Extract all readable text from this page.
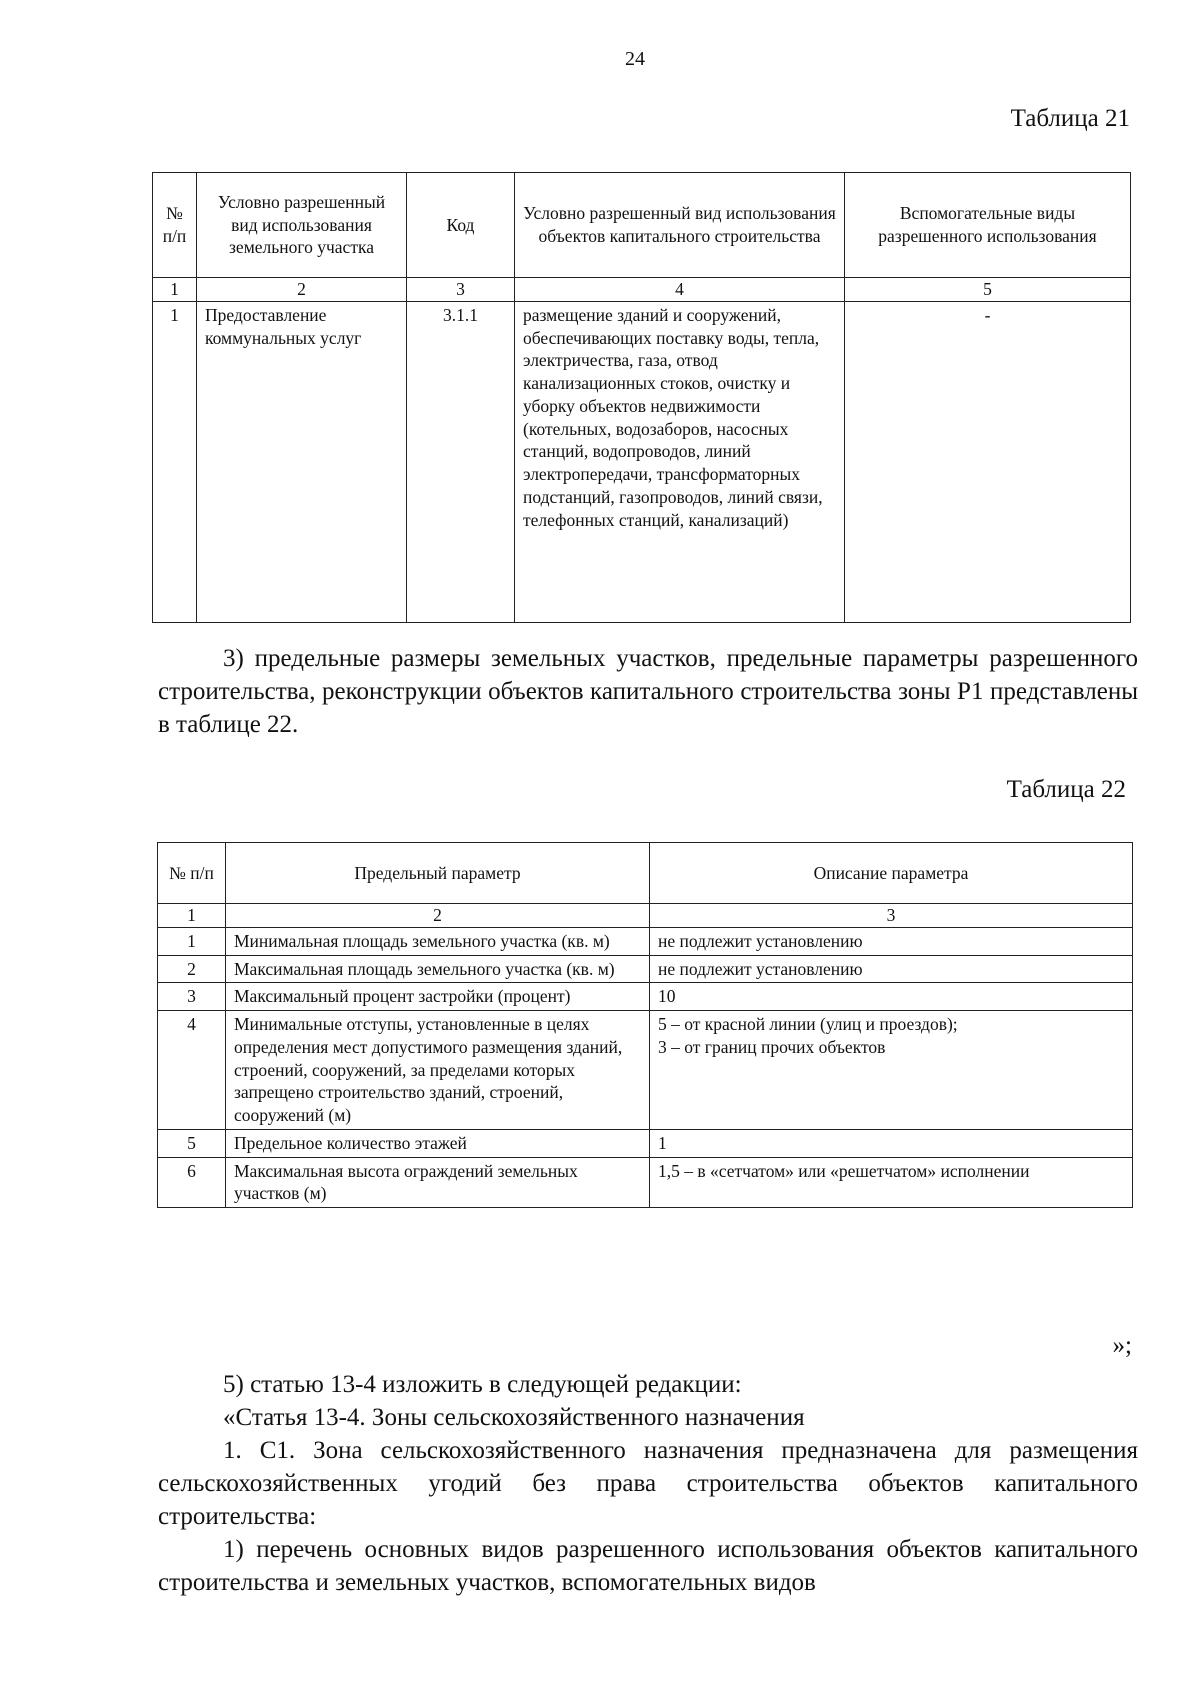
24
Таблица 21
№ п/п	Условно разрешенный вид использования земельного участка	Код	Условно разрешенный вид использования объектов капитального строительства	Вспомогательные виды разрешенного использования
1	2	3	4	5
1	Предоставление коммунальных услуг	3.1.1	размещение зданий и сооружений, обеспечивающих поставку воды, тепла, электричества, газа, отвод канализационных стоков, очистку и уборку объектов недвижимости (котельных, водозаборов, насосных станций, водопроводов, линий электропередачи, трансформаторных подстанций, газопроводов, линий связи, телефонных станций, канализаций)	-
3) предельные размеры земельных участков, предельные параметры разрешенного строительства, реконструкции объектов капитального строительства зоны Р1 представлены в таблице 22.
Таблица 22
№ п/п	Предельный параметр	Описание параметра
1	2	3
1	Минимальная площадь земельного участка (кв. м)	не подлежит установлению
2	Максимальная площадь земельного участка (кв. м)	не подлежит установлению
3	Максимальный процент застройки (процент)	10
4	Минимальные отступы, установленные в целях определения мест допустимого размещения зданий, строений, сооружений, за пределами которых запрещено строительство зданий, строений, сооружений (м)	5 – от красной линии (улиц и проездов);
3 – от границ прочих объектов

5	Предельное количество этажей	1
6	Максимальная высота ограждений земельных участков (м)	1,5 – в «сетчатом» или «решетчатом» исполнении
»;
5) статью 13-4 изложить в следующей редакции:
«Статья 13-4. Зоны сельскохозяйственного назначения
1. С1. Зона сельскохозяйственного назначения предназначена для размещения сельскохозяйственных угодий без права строительства объектов капитального строительства:
1) перечень основных видов разрешенного использования объектов капитального строительства и земельных участков, вспомогательных видов
